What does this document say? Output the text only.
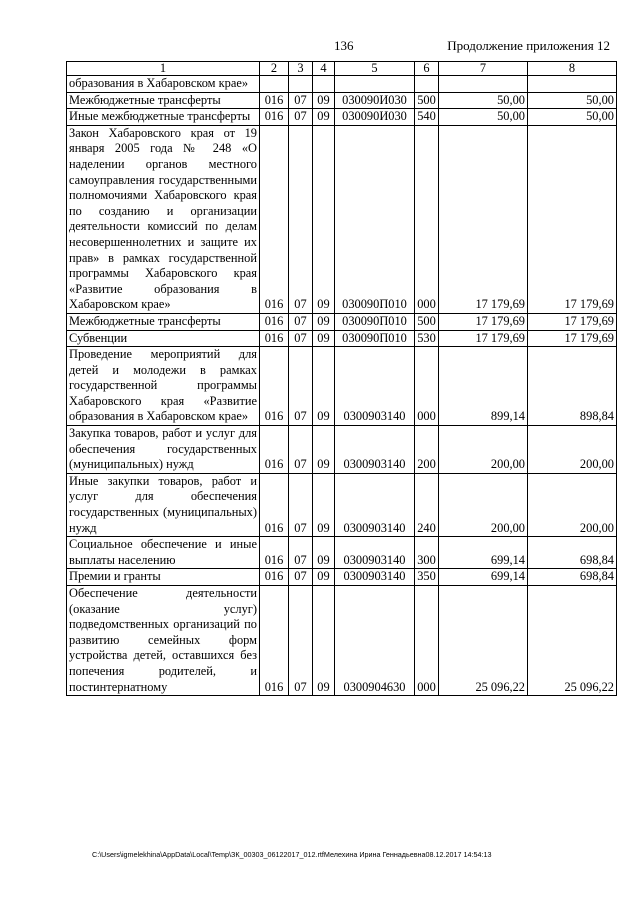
136	Продолжение приложения 12
1	2	3	4	5	6	7	8
образования в Хабаровском крае»							
Межбюджетные трансферты	016	07	09	030090И030	500	50,00	50,00
Иные межбюджетные трансферты	016	07	09	030090И030	540	50,00	50,00
Закон Хабаровского края от 19 января 2005 года № 248 «О наделении органов местного самоуправления государственными полномочиями Хабаровского края по созданию и организации деятельности комиссий по делам несовершеннолетних и защите их прав» в рамках государственной программы Хабаровского края «Развитие образования в Хабаровском крае»	016	07	09	030090П010	000	17 179,69	17 179,69
Межбюджетные трансферты	016	07	09	030090П010	500	17 179,69	17 179,69
Субвенции	016	07	09	030090П010	530	17 179,69	17 179,69
Проведение мероприятий для детей и молодежи в рамках государственной программы Хабаровского края «Развитие образования в Хабаровском крае»	016	07	09	0300903140	000	899,14	898,84
Закупка товаров, работ и услуг для обеспечения государственных (муниципальных) нужд	016	07	09	0300903140	200	200,00	200,00
Иные закупки товаров, работ и услуг для обеспечения государственных (муниципальных) нужд	016	07	09	0300903140	240	200,00	200,00
Социальное обеспечение и иные выплаты населению	016	07	09	0300903140	300	699,14	698,84
Премии и гранты	016	07	09	0300903140	350	699,14	698,84
Обеспечение деятельности (оказание услуг) подведомственных организаций по развитию семейных форм устройства детей, оставшихся без попечения родителей, и постинтернатному	016	07	09	0300904630	000	25 096,22	25 096,22
C:\Users\igmelekhina\AppData\Local\Temp\ЗК_00303_06122017_012.rtfМелехина Ирина Геннадьевна08.12.2017 14:54:13
